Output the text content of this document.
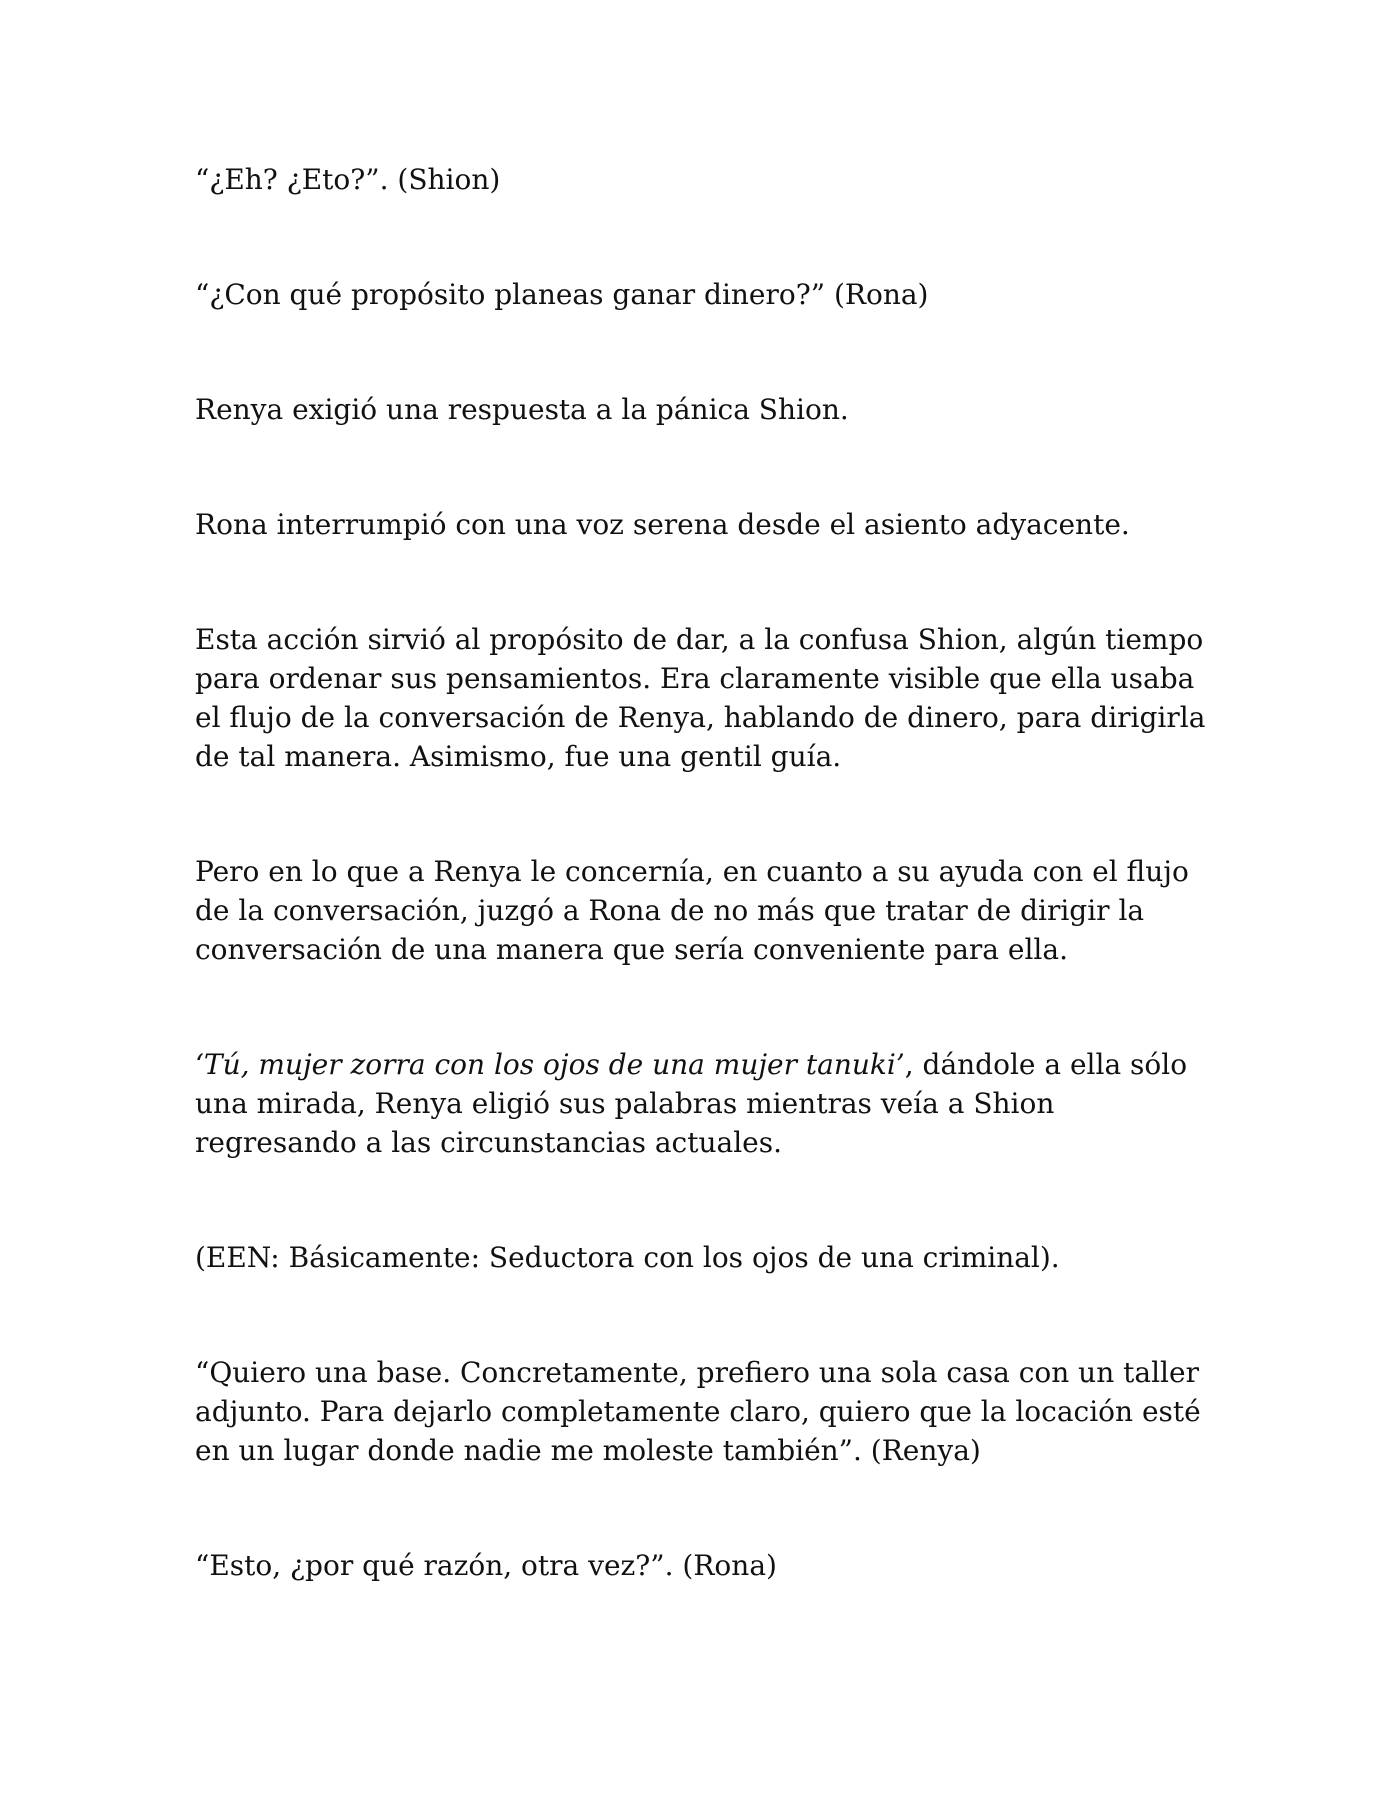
“¿Eh? ¿Eto?”. (Shion)

“¿Con qué propósito planeas ganar dinero?” (Rona)

Renya exigió una respuesta a la pánica Shion.

Rona interrumpió con una voz serena desde el asiento adyacente.

Esta acción sirvió al propósito de dar, a la confusa Shion, algún tiempo para ordenar sus pensamientos. Era claramente visible que ella usaba el flujo de la conversación de Renya, hablando de dinero, para dirigirla de tal manera. Asimismo, fue una gentil guía.

Pero en lo que a Renya le concernía, en cuanto a su ayuda con el flujo de la conversación, juzgó a Rona de no más que tratar de dirigir la conversación de una manera que sería conveniente para ella.

‘Tú, mujer zorra con los ojos de una mujer tanuki’, dándole a ella sólo una mirada, Renya eligió sus palabras mientras veía a Shion regresando a las circunstancias actuales.

(EEN: Básicamente: Seductora con los ojos de una criminal).

“Quiero una base. Concretamente, prefiero una sola casa con un taller adjunto. Para dejarlo completamente claro, quiero que la locación esté en un lugar donde nadie me moleste también”. (Renya)

“Esto, ¿por qué razón, otra vez?”. (Rona)
